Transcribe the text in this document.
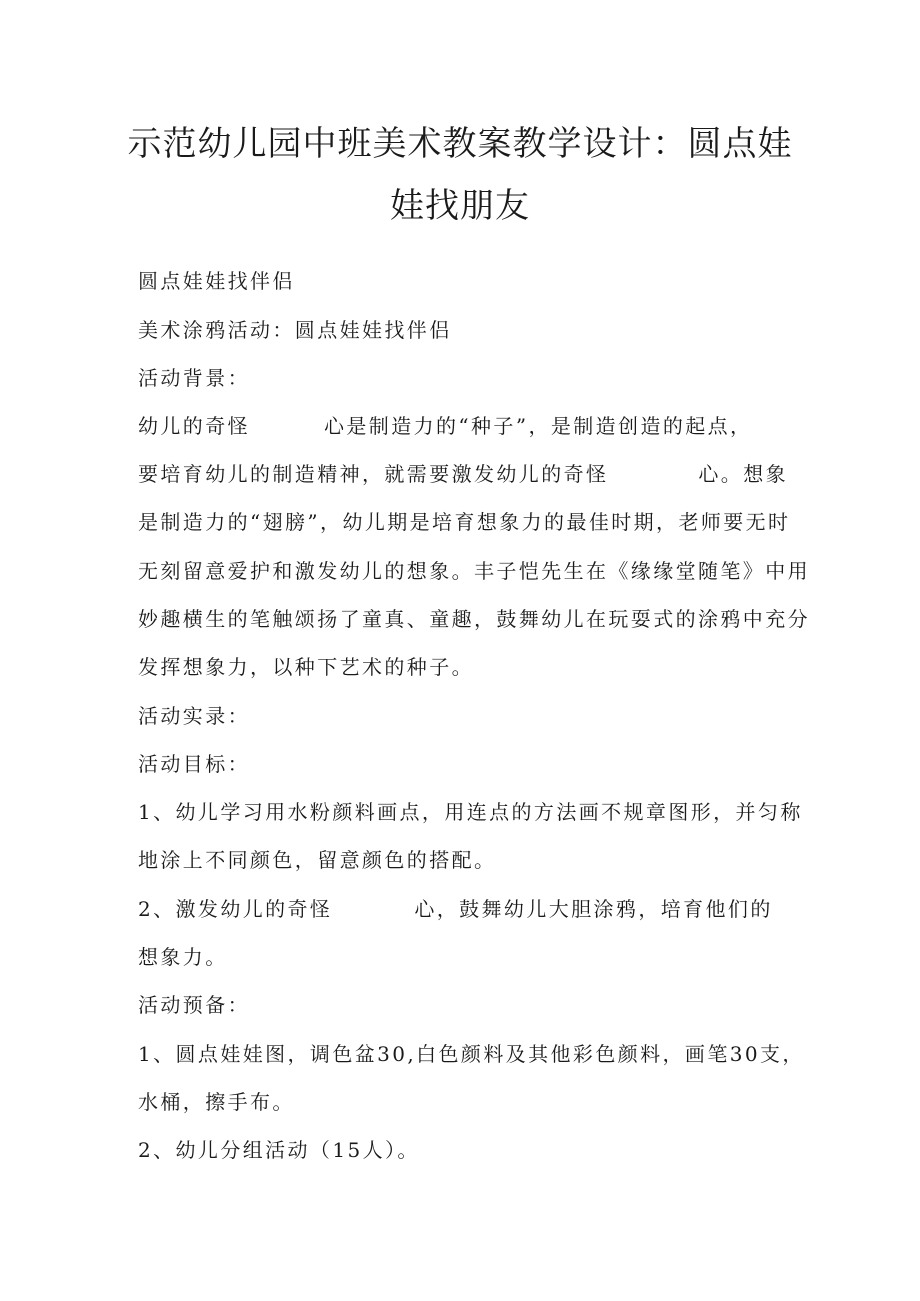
示范幼儿园中班美术教案教学设计：圆点娃
娃找朋友
圆点娃娃找伴侣
美术涂鸦活动：圆点娃娃找伴侣
活动背景：
幼儿的奇怪	心是制造力的“种子”，是制造创造的起点，
要培育幼儿的制造精神，就需要激发幼儿的奇怪	心。想象
是制造力的“翅膀”，幼儿期是培育想象力的最佳时期，老师要无时
无刻留意爱护和激发幼儿的想象。丰子恺先生在《缘缘堂随笔》中用
妙趣横生的笔触颂扬了童真、童趣，鼓舞幼儿在玩耍式的涂鸦中充分
发挥想象力，以种下艺术的种子。
活动实录：
活动目标：
1、幼儿学习用水粉颜料画点，用连点的方法画不规章图形，并匀称
地涂上不同颜色，留意颜色的搭配。
2、激发幼儿的奇怪	心，鼓舞幼儿大胆涂鸦，培育他们的
想象力。
活动预备：
1、圆点娃娃图，调色盆30,白色颜料及其他彩色颜料，画笔30支，
水桶，擦手布。
2、幼儿分组活动（15人）。
